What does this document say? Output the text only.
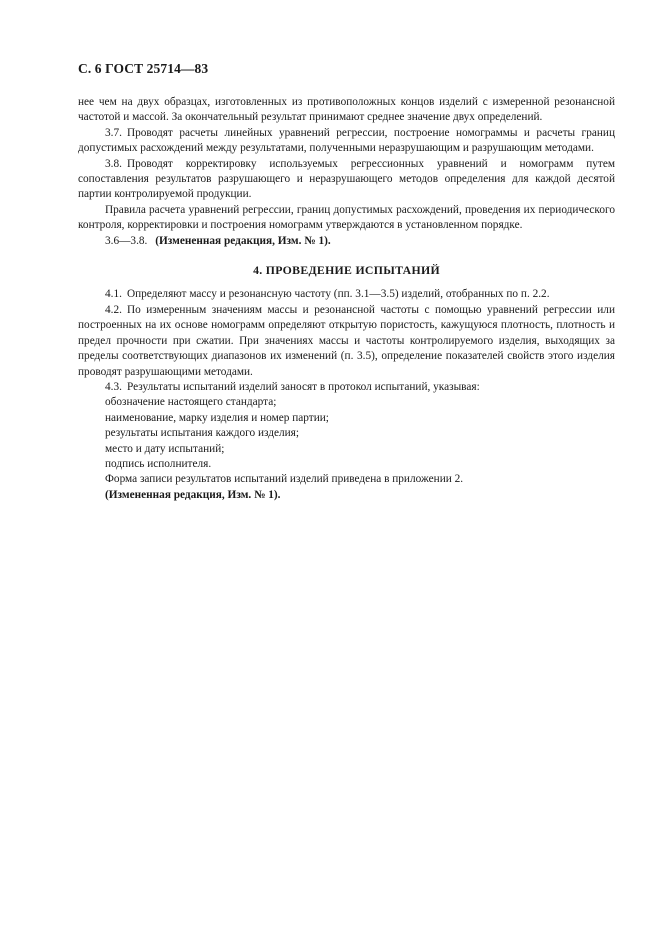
С. 6 ГОСТ 25714—83

нее чем на двух образцах, изготовленных из противоположных концов изделий с измеренной резонансной частотой и массой. За окончательный результат принимают среднее значение двух определений.

3.7. Проводят расчеты линейных уравнений регрессии, построение номограммы и расчеты границ допустимых расхождений между результатами, полученными неразрушающим и разрушающим методами.

3.8. Проводят корректировку используемых регрессионных уравнений и номограмм путем сопоставления результатов разрушающего и неразрушающего методов определения для каждой десятой партии контролируемой продукции.

Правила расчета уравнений регрессии, границ допустимых расхождений, проведения их периодического контроля, корректировки и построения номограмм утверждаются в установленном порядке.

3.6—3.8. (Измененная редакция, Изм. № 1).

4. ПРОВЕДЕНИЕ ИСПЫТАНИЙ

4.1. Определяют массу и резонансную частоту (пп. 3.1—3.5) изделий, отобранных по п. 2.2.

4.2. По измеренным значениям массы и резонансной частоты с помощью уравнений регрессии или построенных на их основе номограмм определяют открытую пористость, кажущуюся плотность, плотность и предел прочности при сжатии. При значениях массы и частоты контролируемого изделия, выходящих за пределы соответствующих диапазонов их изменений (п. 3.5), определение показателей свойств этого изделия проводят разрушающими методами.

4.3. Результаты испытаний изделий заносят в протокол испытаний, указывая:

обозначение настоящего стандарта;

наименование, марку изделия и номер партии;

результаты испытания каждого изделия;

место и дату испытаний;

подпись исполнителя.

Форма записи результатов испытаний изделий приведена в приложении 2.

(Измененная редакция, Изм. № 1).
